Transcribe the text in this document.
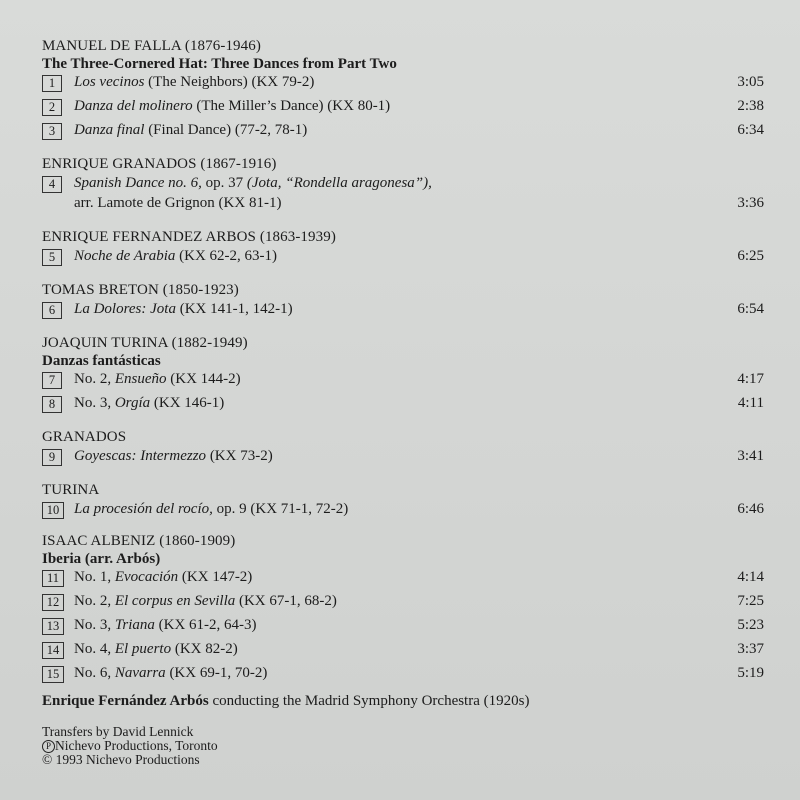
MANUEL DE FALLA (1876-1946)
The Three-Cornered Hat: Three Dances from Part Two
1	Los vecinos (The Neighbors) (KX 79-2)	3:05
2	Danza del molinero (The Miller’s Dance) (KX 80-1)	2:38
3	Danza final (Final Dance) (77-2, 78-1)	6:34
ENRIQUE GRANADOS (1867-1916)
4	Spanish Dance no. 6, op. 37 (Jota, “Rondella aragonesa”),
arr. Lamote de Grignon (KX 81-1)	3:36
ENRIQUE FERNANDEZ ARBOS (1863-1939)
5	Noche de Arabia (KX 62-2, 63-1)	6:25
TOMAS BRETON (1850-1923)
6	La Dolores: Jota (KX 141-1, 142-1)	6:54
JOAQUIN TURINA (1882-1949)
Danzas fantásticas
7	No. 2, Ensueño (KX 144-2)	4:17
8	No. 3, Orgía (KX 146-1)	4:11
GRANADOS
9	Goyescas: Intermezzo (KX 73-2)	3:41
TURINA
10 La procesión del rocío, op. 9 (KX 71-1, 72-2)	6:46
ISAAC ALBENIZ (1860-1909)
Iberia (arr. Arbós)
11 No. 1, Evocación (KX 147-2)	4:14
12 No. 2, El corpus en Sevilla (KX 67-1, 68-2)	7:25
13 No. 3, Triana (KX 61-2, 64-3)	5:23
14 No. 4, El puerto (KX 82-2)	3:37
15 No. 6, Navarra (KX 69-1, 70-2)	5:19
Enrique Fernández Arbós conducting the Madrid Symphony Orchestra (1920s)
Transfers by David Lennick
P Nichevo Productions, Toronto
© 1993 Nichevo Productions
